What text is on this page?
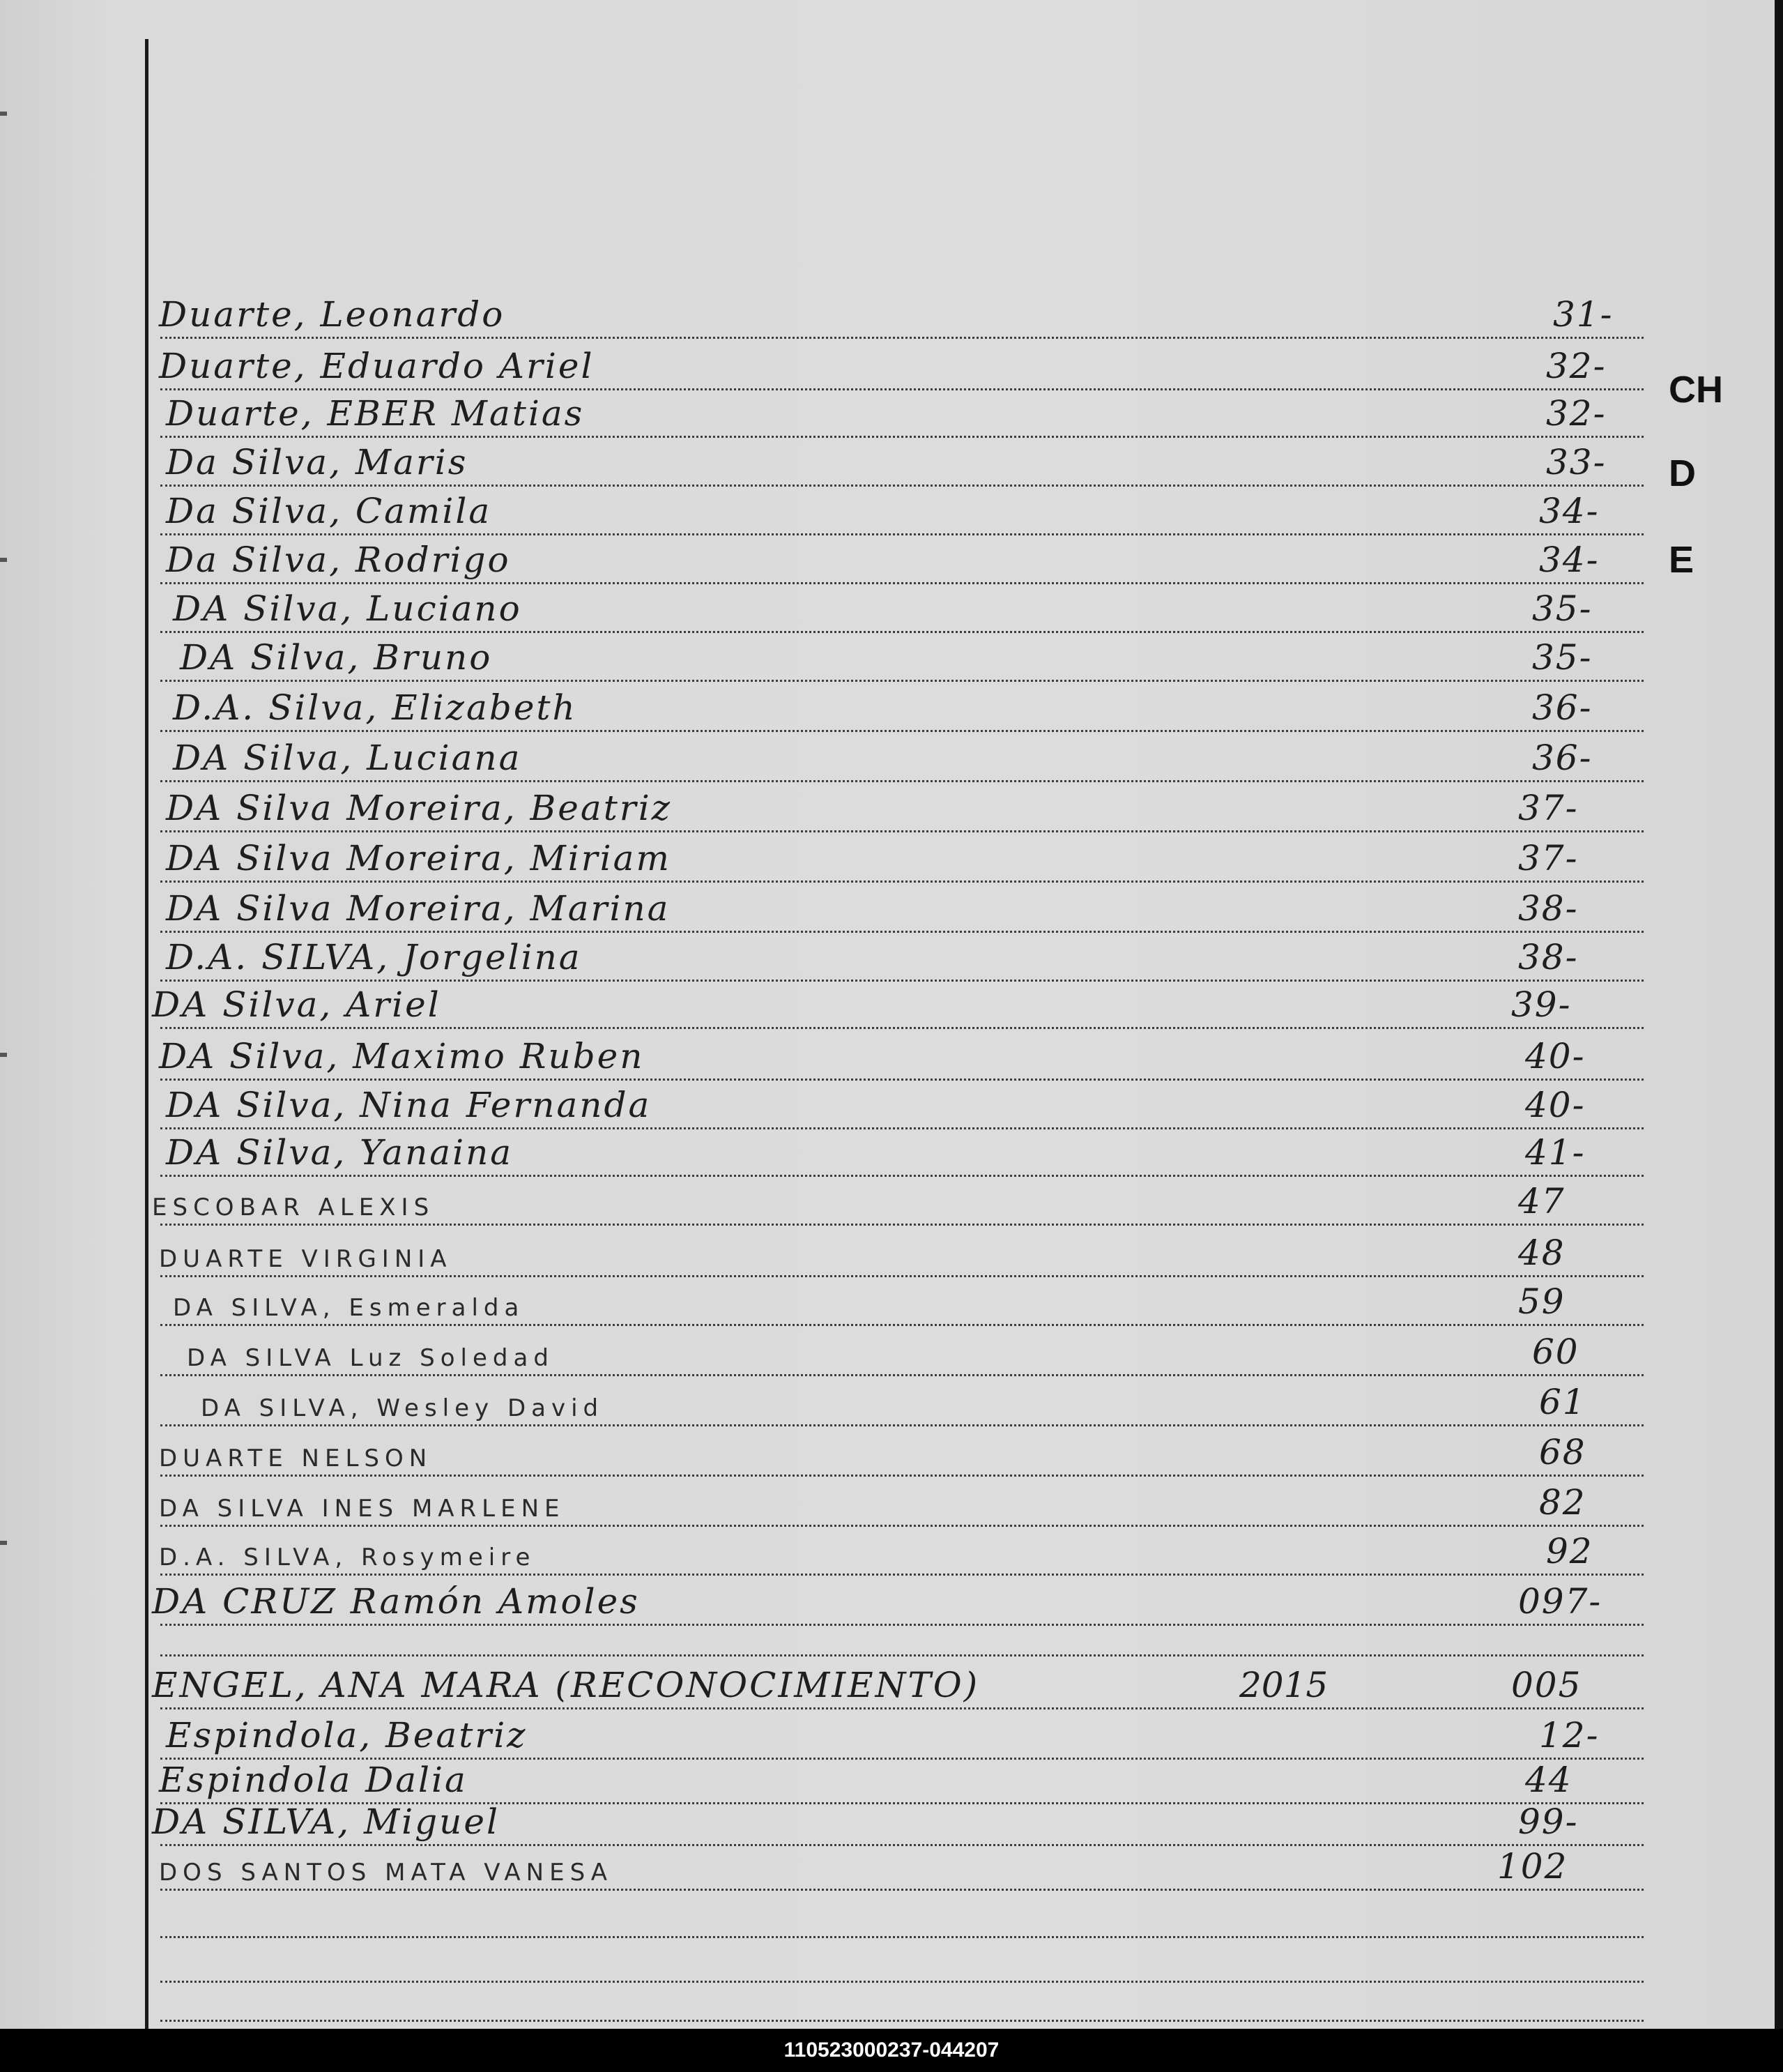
Duarte, Leonardo	31-
Duarte, Eduardo Ariel	32-
Duarte, EBER Matias	32-
Da Silva, Maris	33-
Da Silva, Camila	34-
Da Silva, Rodrigo	34-
DA Silva, Luciano	35-
DA Silva, Bruno	35-
D.A. Silva, Elizabeth	36-
DA Silva, Luciana	36-
DA Silva Moreira, Beatriz	37-
DA Silva Moreira, Miriam	37-
DA Silva Moreira, Marina	38-
D.A. SILVA, Jorgelina	38-
DA Silva, Ariel	39-
DA Silva, Maximo Ruben	40-
DA Silva, Nina Fernanda	40-
DA Silva, Yanaina	41-
ESCOBAR ALEXIS	47
DUARTE VIRGINIA	48
DA SILVA, Esmeralda	59
DA SILVA Luz Soledad	60
DA SILVA, Wesley David	61
DUARTE NELSON	68
DA SILVA INES MARLENE	82
D.A. SILVA, Rosymeire	92
DA CRUZ Ramón Amoles	097-
ENGEL, ANA MARA (RECONOCIMIENTO)	2015	005
Espindola, Beatriz	12-
Espindola Dalia	44
DA SILVA, Miguel	99-
DOS SANTOS MATA VANESA	102
CH
D
E
110523000237-044207
